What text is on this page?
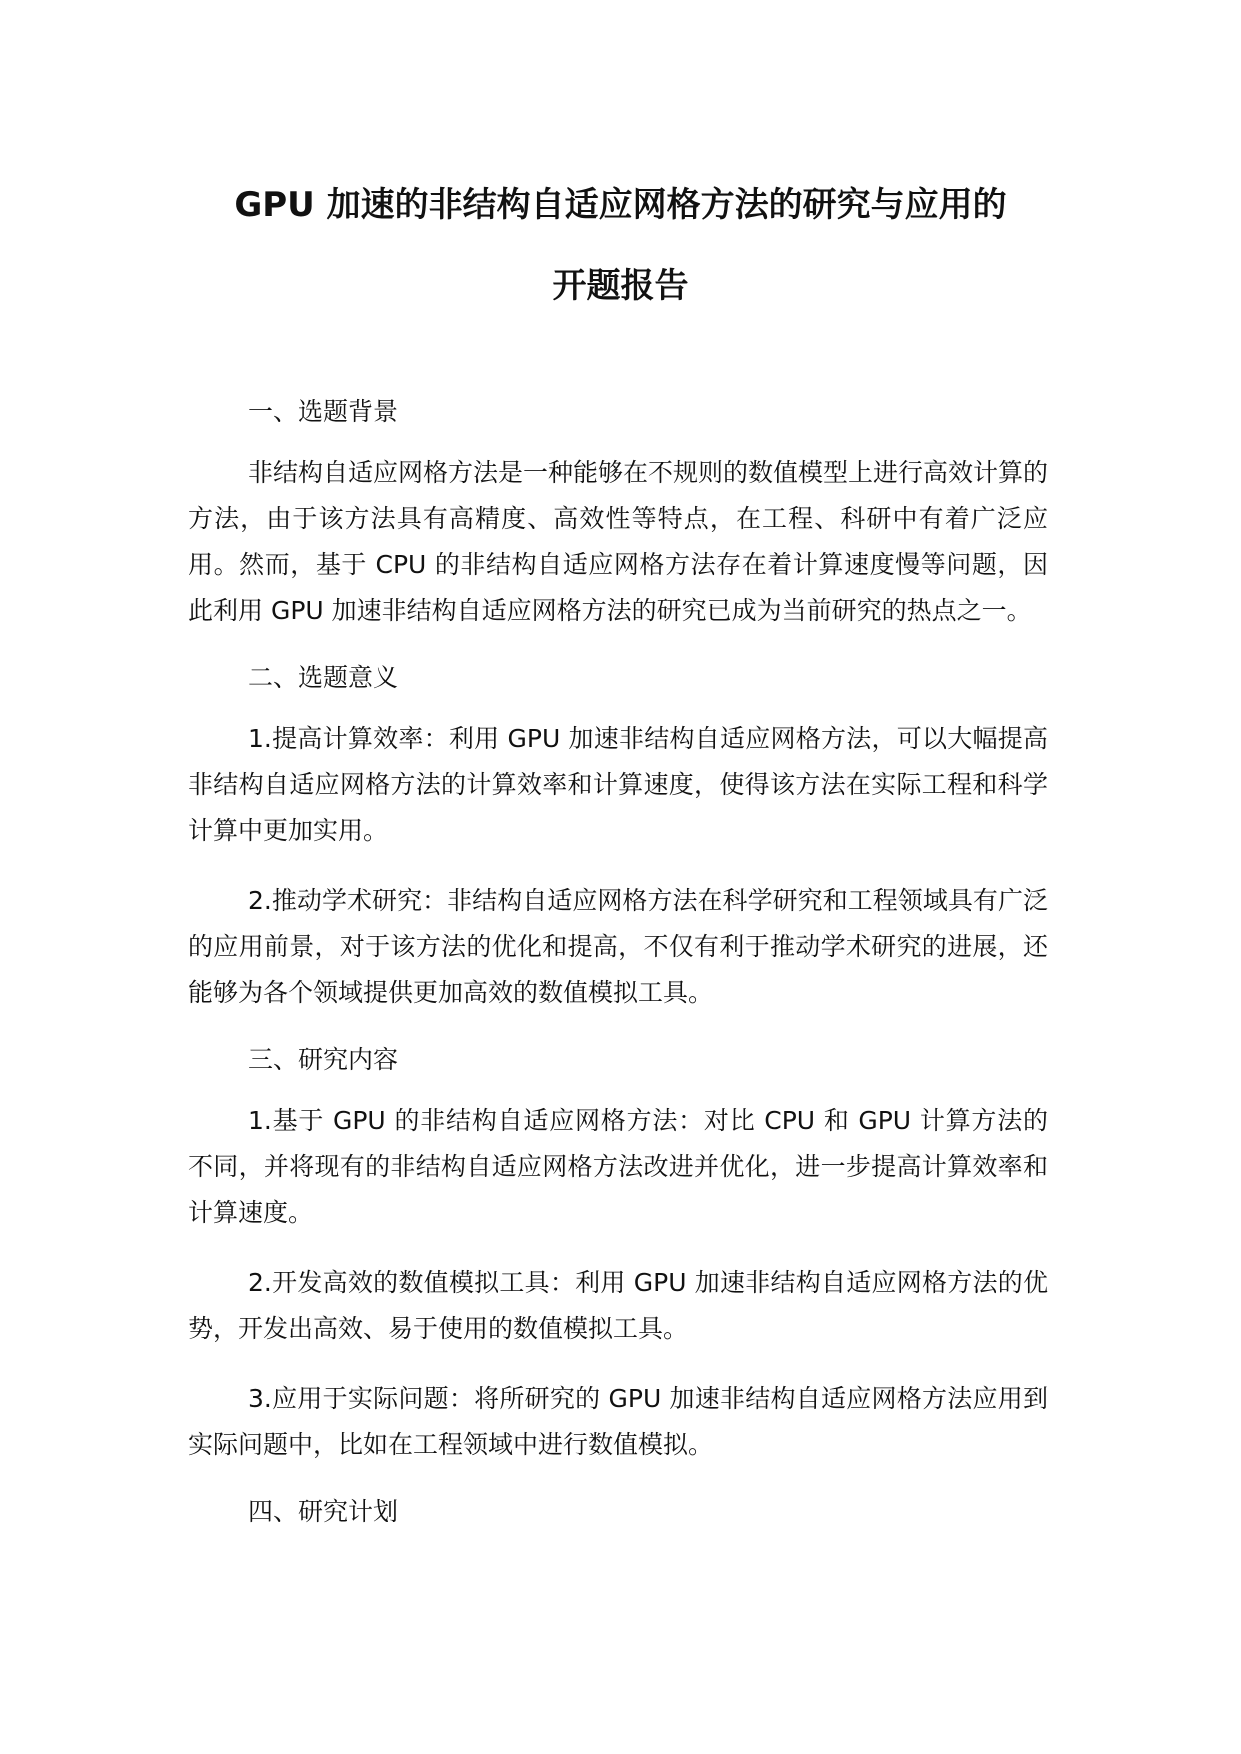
GPU 加速的非结构自适应网格方法的研究与应用的
开题报告
一、选题背景

非结构自适应网格方法是一种能够在不规则的数值模型上进行高效计算的方法，由于该方法具有高精度、高效性等特点，在工程、科研中有着广泛应用。然而，基于 CPU 的非结构自适应网格方法存在着计算速度慢等问题，因此利用 GPU 加速非结构自适应网格方法的研究已成为当前研究的热点之一。

二、选题意义

1.提高计算效率：利用 GPU 加速非结构自适应网格方法，可以大幅提高非结构自适应网格方法的计算效率和计算速度，使得该方法在实际工程和科学计算中更加实用。

2.推动学术研究：非结构自适应网格方法在科学研究和工程领域具有广泛的应用前景，对于该方法的优化和提高，不仅有利于推动学术研究的进展，还能够为各个领域提供更加高效的数值模拟工具。

三、研究内容

1.基于 GPU 的非结构自适应网格方法：对比 CPU 和 GPU 计算方法的不同，并将现有的非结构自适应网格方法改进并优化，进一步提高计算效率和计算速度。

2.开发高效的数值模拟工具：利用 GPU 加速非结构自适应网格方法的优势，开发出高效、易于使用的数值模拟工具。

3.应用于实际问题：将所研究的 GPU 加速非结构自适应网格方法应用到实际问题中，比如在工程领域中进行数值模拟。

四、研究计划
